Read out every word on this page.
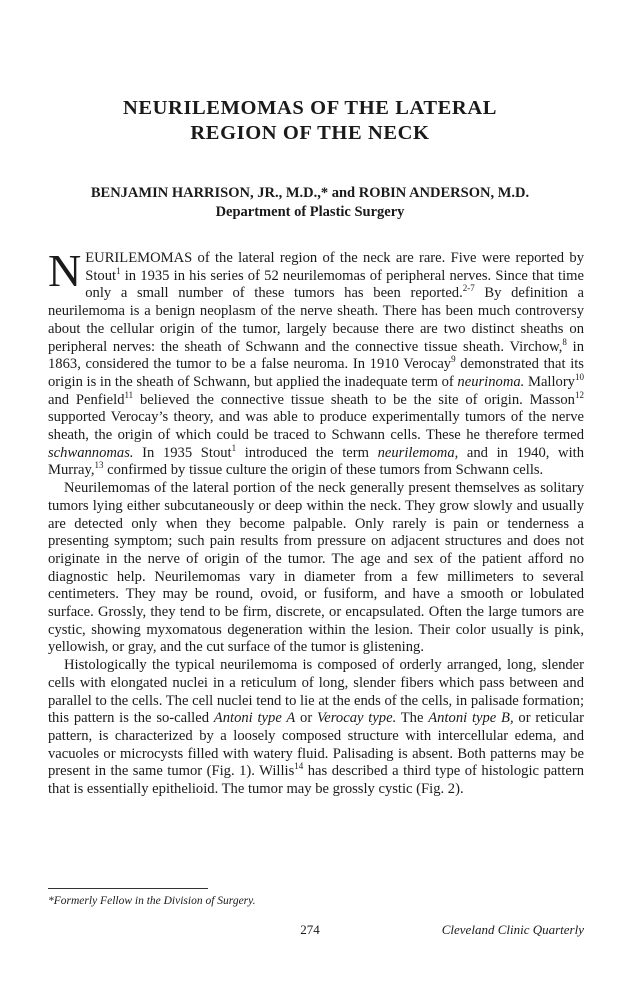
NEURILEMOMAS OF THE LATERAL
REGION OF THE NECK
BENJAMIN HARRISON, JR., M.D.,* and ROBIN ANDERSON, M.D.
Department of Plastic Surgery

NEURILEMOMAS of the lateral region of the neck are rare. Five were reported by Stout$^1$ in 1935 in his series of 52 neurilemomas of peripheral nerves. Since that time only a small number of these tumors has been reported.$^{2-7}$ By definition a neurilemoma is a benign neoplasm of the nerve sheath. There has been much controversy about the cellular origin of the tumor, largely because there are two distinct sheaths on peripheral nerves: the sheath of Schwann and the connective tissue sheath. Virchow,$^8$ in 1863, considered the tumor to be a false neuroma. In 1910 Verocay$^9$ demonstrated that its origin is in the sheath of Schwann, but applied the inadequate term of neurinoma. Mallory$^{10}$ and Penfield$^{11}$ believed the connective tissue sheath to be the site of origin. Masson$^{12}$ supported Verocay’s theory, and was able to produce experimentally tumors of the nerve sheath, the origin of which could be traced to Schwann cells. These he therefore termed schwannomas. In 1935 Stout$^1$ introduced the term neurilemoma, and in 1940, with Murray,$^{13}$ confirmed by tissue culture the origin of these tumors from Schwann cells.

Neurilemomas of the lateral portion of the neck generally present themselves as solitary tumors lying either subcutaneously or deep within the neck. They grow slowly and usually are detected only when they become palpable. Only rarely is pain or tenderness a presenting symptom; such pain results from pressure on adjacent structures and does not originate in the nerve of origin of the tumor. The age and sex of the patient afford no diagnostic help. Neurilemomas vary in diameter from a few millimeters to several centimeters. They may be round, ovoid, or fusiform, and have a smooth or lobulated surface. Grossly, they tend to be firm, discrete, or encapsulated. Often the large tumors are cystic, showing myxomatous degeneration within the lesion. Their color usually is pink, yellowish, or gray, and the cut surface of the tumor is glistening.

Histologically the typical neurilemoma is composed of orderly arranged, long, slender cells with elongated nuclei in a reticulum of long, slender fibers which pass between and parallel to the cells. The cell nuclei tend to lie at the ends of the cells, in palisade formation; this pattern is the so-called Antoni type A or Verocay type. The Antoni type B, or reticular pattern, is characterized by a loosely composed structure with intercellular edema, and vacuoles or microcysts filled with watery fluid. Palisading is absent. Both patterns may be present in the same tumor (Fig. 1). Willis$^{14}$ has described a third type of histologic pattern that is essentially epithelioid. The tumor may be grossly cystic (Fig. 2).

*Formerly Fellow in the Division of Surgery.
274	Cleveland Clinic Quarterly
